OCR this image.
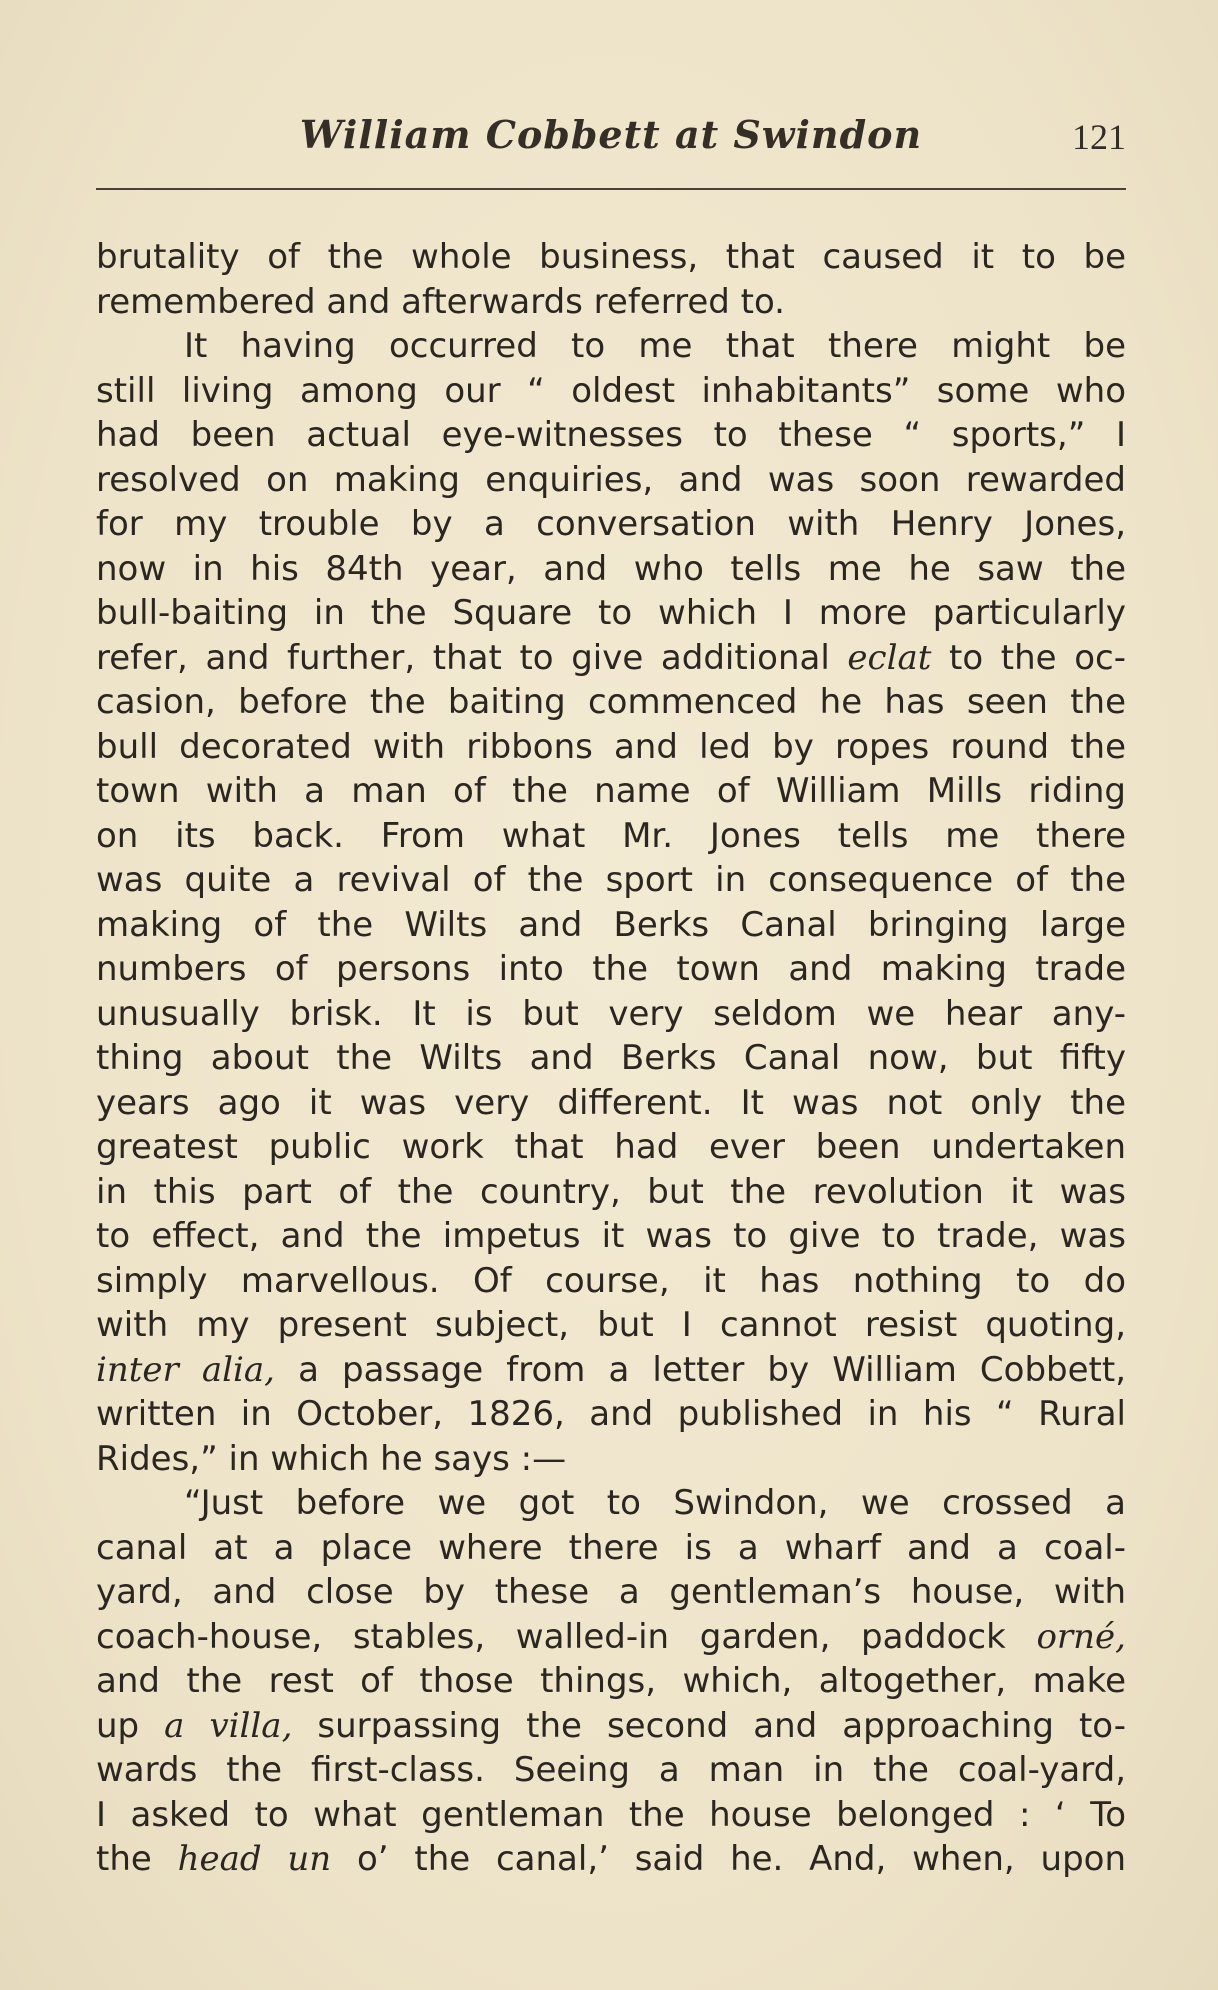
William Cobbett at Swindon	121
brutality of the whole business, that caused it to be
remembered and afterwards referred to.
It having occurred to me that there might be
still living among our “ oldest inhabitants” some who
had been actual eye-witnesses to these “ sports,” I
resolved on making enquiries, and was soon rewarded
for my trouble by a conversation with Henry Jones,
now in his 84th year, and who tells me he saw the
bull-baiting in the Square to which I more particularly
refer, and further, that to give additional eclat to the oc-
casion, before the baiting commenced he has seen the
bull decorated with ribbons and led by ropes round the
town with a man of the name of William Mills riding
on its back. From what Mr. Jones tells me there
was quite a revival of the sport in consequence of the
making of the Wilts and Berks Canal bringing large
numbers of persons into the town and making trade
unusually brisk. It is but very seldom we hear any-
thing about the Wilts and Berks Canal now, but fifty
years ago it was very different. It was not only the
greatest public work that had ever been undertaken
in this part of the country, but the revolution it was
to effect, and the impetus it was to give to trade, was
simply marvellous. Of course, it has nothing to do
with my present subject, but I cannot resist quoting,
inter alia, a passage from a letter by William Cobbett,
written in October, 1826, and published in his “ Rural
Rides,” in which he says :—
“Just before we got to Swindon, we crossed a
canal at a place where there is a wharf and a coal-
yard, and close by these a gentleman’s house, with
coach-house, stables, walled-in garden, paddock orné,
and the rest of those things, which, altogether, make
up a villa, surpassing the second and approaching to-
wards the first-class. Seeing a man in the coal-yard,
I asked to what gentleman the house belonged : ‘ To
the head un o’ the canal,’ said he. And, when, upon
